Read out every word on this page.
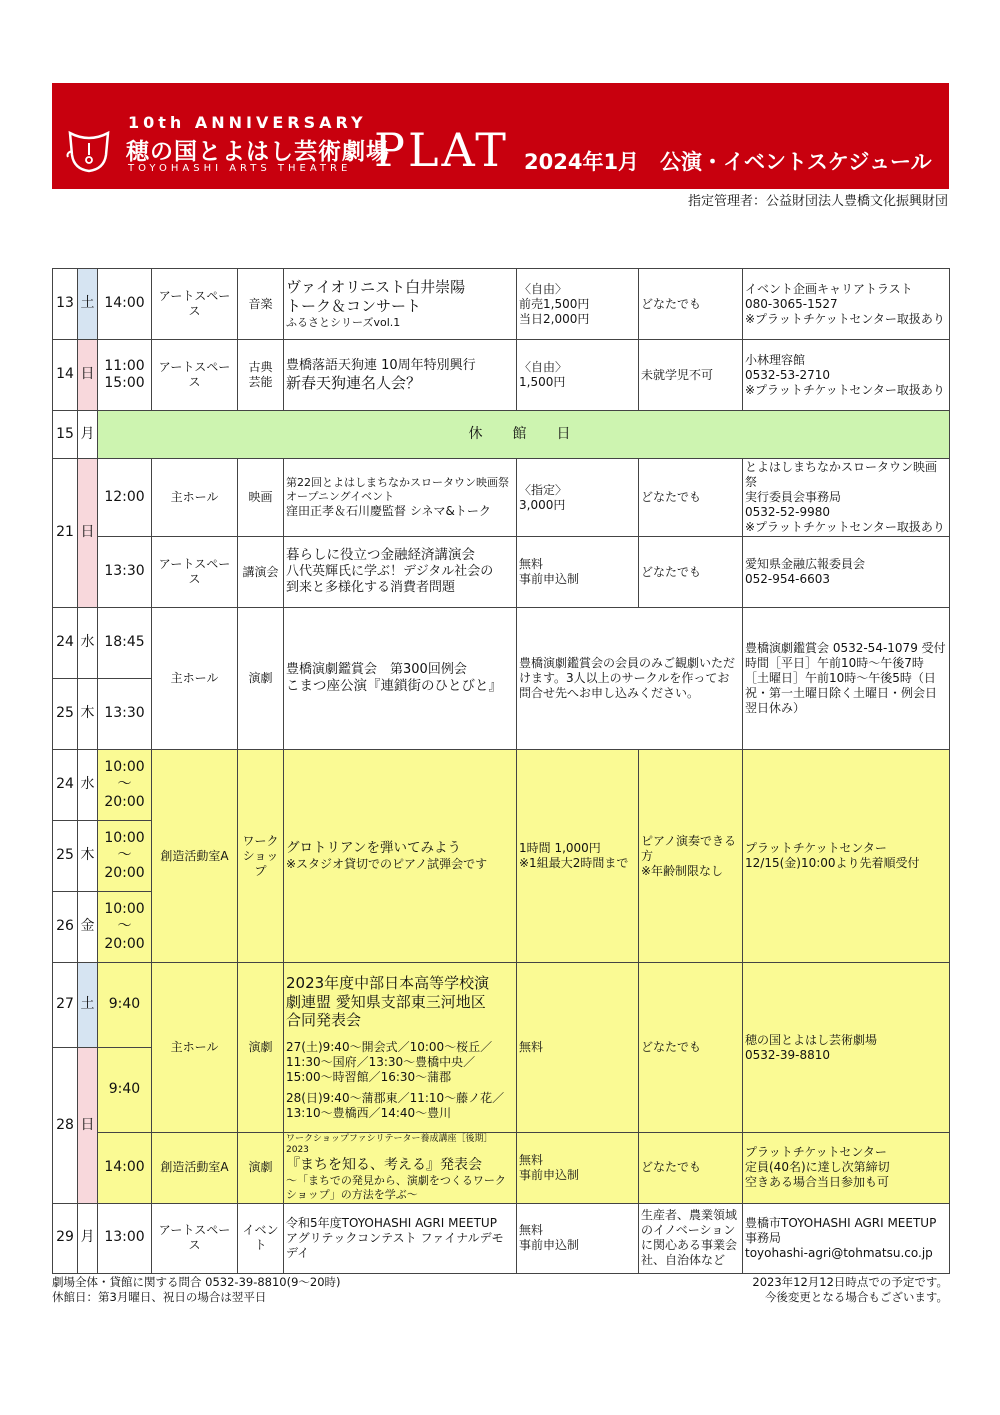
10th ANNIVERSARY
穂の国とよはし芸術劇場
TOYOHASHI ARTS THEATRE PLAT 2024年1月　公演・イベントスケジュール
指定管理者：公益財団法人豊橋文化振興財団
13	土	14:00	アートスペース	音楽	ヴァイオリニスト白井崇陽
トーク＆コンサート
ふるさとシリーズvol.1	〈自由〉
前売1,500円
当日2,000円	どなたでも	イベント企画キャリアトラスト
080-3065-1527
※プラットチケットセンター取扱あり

14	日	11:00
15:00	アートスペース	古典
芸能	豊橋落語天狗連 10周年特別興行
新春天狗連名人会？	〈自由〉
1,500円	未就学児不可	小林理容館
0532-53-2710
※プラットチケットセンター取扱あり

15	月	休　館　日						
21	日	12:00	主ホール	映画	第22回とよはしまちなかスロータウン映画祭
オープニングイベント
窪田正孝＆石川慶監督 シネマ&トーク	〈指定〉
3,000円	どなたでも	とよはしまちなかスロータウン映画祭
実行委員会事務局
0532-52-9980
※プラットチケットセンター取扱あり

		13:30	アートスペース	講演会	暮らしに役立つ金融経済講演会
八代英輝氏に学ぶ！デジタル社会の
到来と多様化する消費者問題	無料
事前申込制	どなたでも	愛知県金融広報委員会
052-954-6603

24	水	18:45	主ホール	演劇	豊橋演劇鑑賞会　第300回例会
こまつ座公演『連鎖街のひとびと』	豊橋演劇鑑賞会の会員のみご観劇いただけます。3人以上のサークルを作ってお問合せ先へお申し込みください。		豊橋演劇鑑賞会 0532-54-1079 受付時間［平日］午前10時〜午後7時［土曜日］午前10時〜午後5時（日祝・第一土曜日除く土曜日・例会日翌日休み）
25	木	13:30						
24	水	10:00
〜
20:00	創造活動室A	ワーク
ショップ	グロトリアンを弾いてみよう
※スタジオ貸切でのピアノ試弾会です	1時間 1,000円
※1組最大2時間まで	ピアノ演奏できる方
※年齢制限なし	プラットチケットセンター
12/15(金)10:00より先着順受付

25	木	10:00
〜
20:00						

26	金	10:00
〜
20:00						

27	土	9:40	主ホール	演劇	2023年度中部日本高等学校演
劇連盟 愛知県支部東三河地区
合同発表会
27(土)9:40〜開会式／10:00〜桜丘／11:30〜国府／13:30〜豊橋中央／15:00〜時習館／16:30〜蒲郡
28(日)9:40〜蒲郡東／11:10〜藤ノ花／13:10〜豊橋西／14:40〜豊川	無料	どなたでも	穂の国とよはし芸術劇場
0532-39-8810

28	日	9:40						
		14:00	創造活動室A	演劇	ワークショップファシリテーター養成講座［後期］2023
『まちを知る、考える』発表会
〜「まちでの発見から、演劇をつくるワークショップ」の方法を学ぶ〜	無料
事前申込制	どなたでも	プラットチケットセンター
定員(40名)に達し次第締切
空きある場合当日参加も可

29	月	13:00	アートスペース	イベント	令和5年度TOYOHASHI AGRI MEETUP
アグリテックコンテスト ファイナルデモデイ	無料
事前申込制	生産者、農業領域のイノベーションに関心ある事業会社、自治体など	豊橋市TOYOHASHI AGRI MEETUP
事務局
toyohashi-agri@tohmatsu.co.jp
劇場全体・貸館に関する問合 0532-39-8810(9〜20時)
休館日：第3月曜日、祝日の場合は翌平日
2023年12月12日時点での予定です。
今後変更となる場合もございます。
